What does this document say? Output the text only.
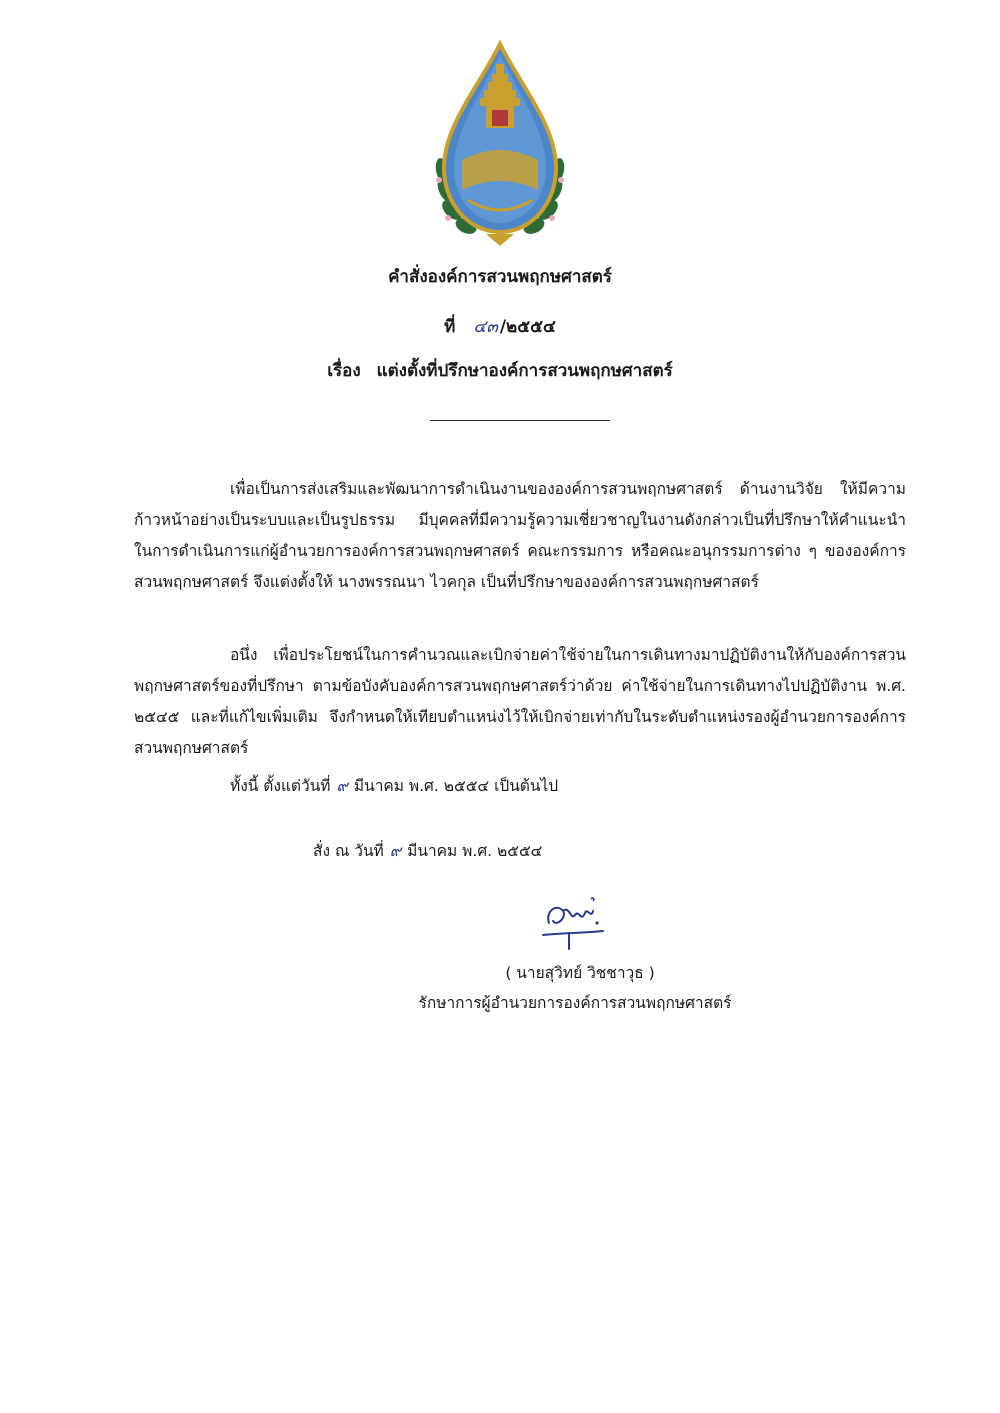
คำสั่งองค์การสวนพฤกษศาสตร์
ที่ ๔๓ /๒๕๕๔
เรื่อง แต่งตั้งที่ปรึกษาองค์การสวนพฤกษศาสตร์
เพื่อเป็นการส่งเสริมและพัฒนาการดำเนินงานขององค์การสวนพฤกษศาสตร์ ด้านงานวิจัย ให้มีความก้าวหน้าอย่างเป็นระบบและเป็นรูปธรรม มีบุคคลที่มีความรู้ความเชี่ยวชาญในงานดังกล่าวเป็นที่ปรึกษาให้คำแนะนำ ในการดำเนินการแก่ผู้อำนวยการองค์การสวนพฤกษศาสตร์ คณะกรรมการ หรือคณะอนุกรรมการต่าง ๆ ขององค์การสวนพฤกษศาสตร์ จึงแต่งตั้งให้ นางพรรณนา ไวคกุล เป็นที่ปรึกษาขององค์การสวนพฤกษศาสตร์
อนึ่ง เพื่อประโยชน์ในการคำนวณและเบิกจ่ายค่าใช้จ่ายในการเดินทางมาปฏิบัติงานให้กับองค์การสวนพฤกษศาสตร์ของที่ปรึกษา ตามข้อบังคับองค์การสวนพฤกษศาสตร์ว่าด้วย ค่าใช้จ่ายในการเดินทางไปปฏิบัติงาน พ.ศ. ๒๕๔๕ และที่แก้ไขเพิ่มเติม จึงกำหนดให้เทียบตำแหน่งไว้ให้เบิกจ่ายเท่ากับในระดับตำแหน่งรองผู้อำนวยการองค์การสวนพฤกษศาสตร์
ทั้งนี้ ตั้งแต่วันที่ ๙ มีนาคม พ.ศ. ๒๕๕๔ เป็นต้นไป
สั่ง ณ วันที่ ๙ มีนาคม พ.ศ. ๒๕๕๔
( นายสุวิทย์ วิชชาวุธ )
รักษาการผู้อำนวยการองค์การสวนพฤกษศาสตร์
